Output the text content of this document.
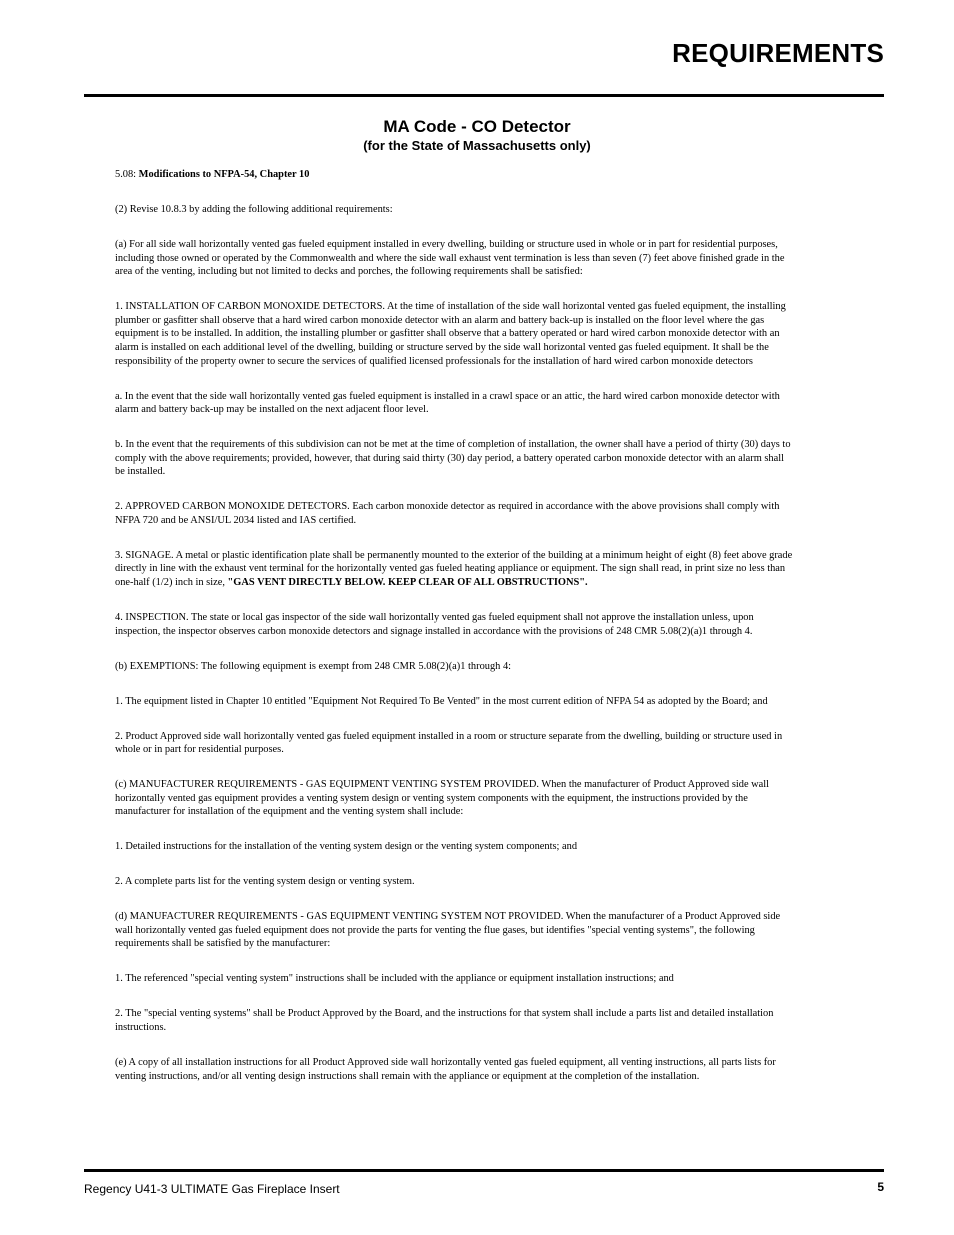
REQUIREMENTS
MA Code - CO Detector
(for the State of Massachusetts only)

5.08: Modifications to NFPA-54, Chapter 10

(2) Revise 10.8.3 by adding the following additional requirements:

(a) For all side wall horizontally vented gas fueled equipment installed in every dwelling, building or structure used in whole or in part for residential purposes, including those owned or operated by the Commonwealth and where the side wall exhaust vent termination is less than seven (7) feet above finished grade in the area of the venting, including but not limited to decks and porches, the following requirements shall be satisfied:

1. INSTALLATION OF CARBON MONOXIDE DETECTORS. At the time of installation of the side wall horizontal vented gas fueled equipment, the installing plumber or gasfitter shall observe that a hard wired carbon monoxide detector with an alarm and battery back-up is installed on the floor level where the gas equipment is to be installed. In addition, the installing plumber or gasfitter shall observe that a battery operated or hard wired carbon monoxide detector with an alarm is installed on each additional level of the dwelling, building or structure served by the side wall horizontal vented gas fueled equipment. It shall be the responsibility of the property owner to secure the services of qualified licensed professionals for the installation of hard wired carbon monoxide detectors

a. In the event that the side wall horizontally vented gas fueled equipment is installed in a crawl space or an attic, the hard wired carbon monoxide detector with alarm and battery back-up may be installed on the next adjacent floor level.

b. In the event that the requirements of this subdivision can not be met at the time of completion of installation, the owner shall have a period of thirty (30) days to comply with the above requirements; provided, however, that during said thirty (30) day period, a battery operated carbon monoxide detector with an alarm shall be installed.

2. APPROVED CARBON MONOXIDE DETECTORS. Each carbon monoxide detector as required in accordance with the above provisions shall comply with NFPA 720 and be ANSI/UL 2034 listed and IAS certified.

3. SIGNAGE. A metal or plastic identification plate shall be permanently mounted to the exterior of the building at a minimum height of eight (8) feet above grade directly in line with the exhaust vent terminal for the horizontally vented gas fueled heating appliance or equipment. The sign shall read, in print size no less than one-half (1/2) inch in size, "GAS VENT DIRECTLY BELOW. KEEP CLEAR OF ALL OBSTRUCTIONS".

4. INSPECTION. The state or local gas inspector of the side wall horizontally vented gas fueled equipment shall not approve the installation unless, upon inspection, the inspector observes carbon monoxide detectors and signage installed in accordance with the provisions of 248 CMR 5.08(2)(a)1 through 4.

(b) EXEMPTIONS: The following equipment is exempt from 248 CMR 5.08(2)(a)1 through 4:

1. The equipment listed in Chapter 10 entitled "Equipment Not Required To Be Vented" in the most current edition of NFPA 54 as adopted by the Board; and

2. Product Approved side wall horizontally vented gas fueled equipment installed in a room or structure separate from the dwelling, building or structure used in whole or in part for residential purposes.

(c) MANUFACTURER REQUIREMENTS - GAS EQUIPMENT VENTING SYSTEM PROVIDED. When the manufacturer of Product Approved side wall horizontally vented gas equipment provides a venting system design or venting system components with the equipment, the instructions provided by the manufacturer for installation of the equipment and the venting system shall include:

1. Detailed instructions for the installation of the venting system design or the venting system components; and

2. A complete parts list for the venting system design or venting system.

(d) MANUFACTURER REQUIREMENTS - GAS EQUIPMENT VENTING SYSTEM NOT PROVIDED. When the manufacturer of a Product Approved side wall horizontally vented gas fueled equipment does not provide the parts for venting the flue gases, but identifies "special venting systems", the following requirements shall be satisfied by the manufacturer:

1. The referenced "special venting system" instructions shall be included with the appliance or equipment installation instructions; and

2. The "special venting systems" shall be Product Approved by the Board, and the instructions for that system shall include a parts list and detailed installation instructions.

(e) A copy of all installation instructions for all Product Approved side wall horizontally vented gas fueled equipment, all venting instructions, all parts lists for venting instructions, and/or all venting design instructions shall remain with the appliance or equipment at the completion of the installation.

Regency U41-3 ULTIMATE Gas Fireplace Insert	5
